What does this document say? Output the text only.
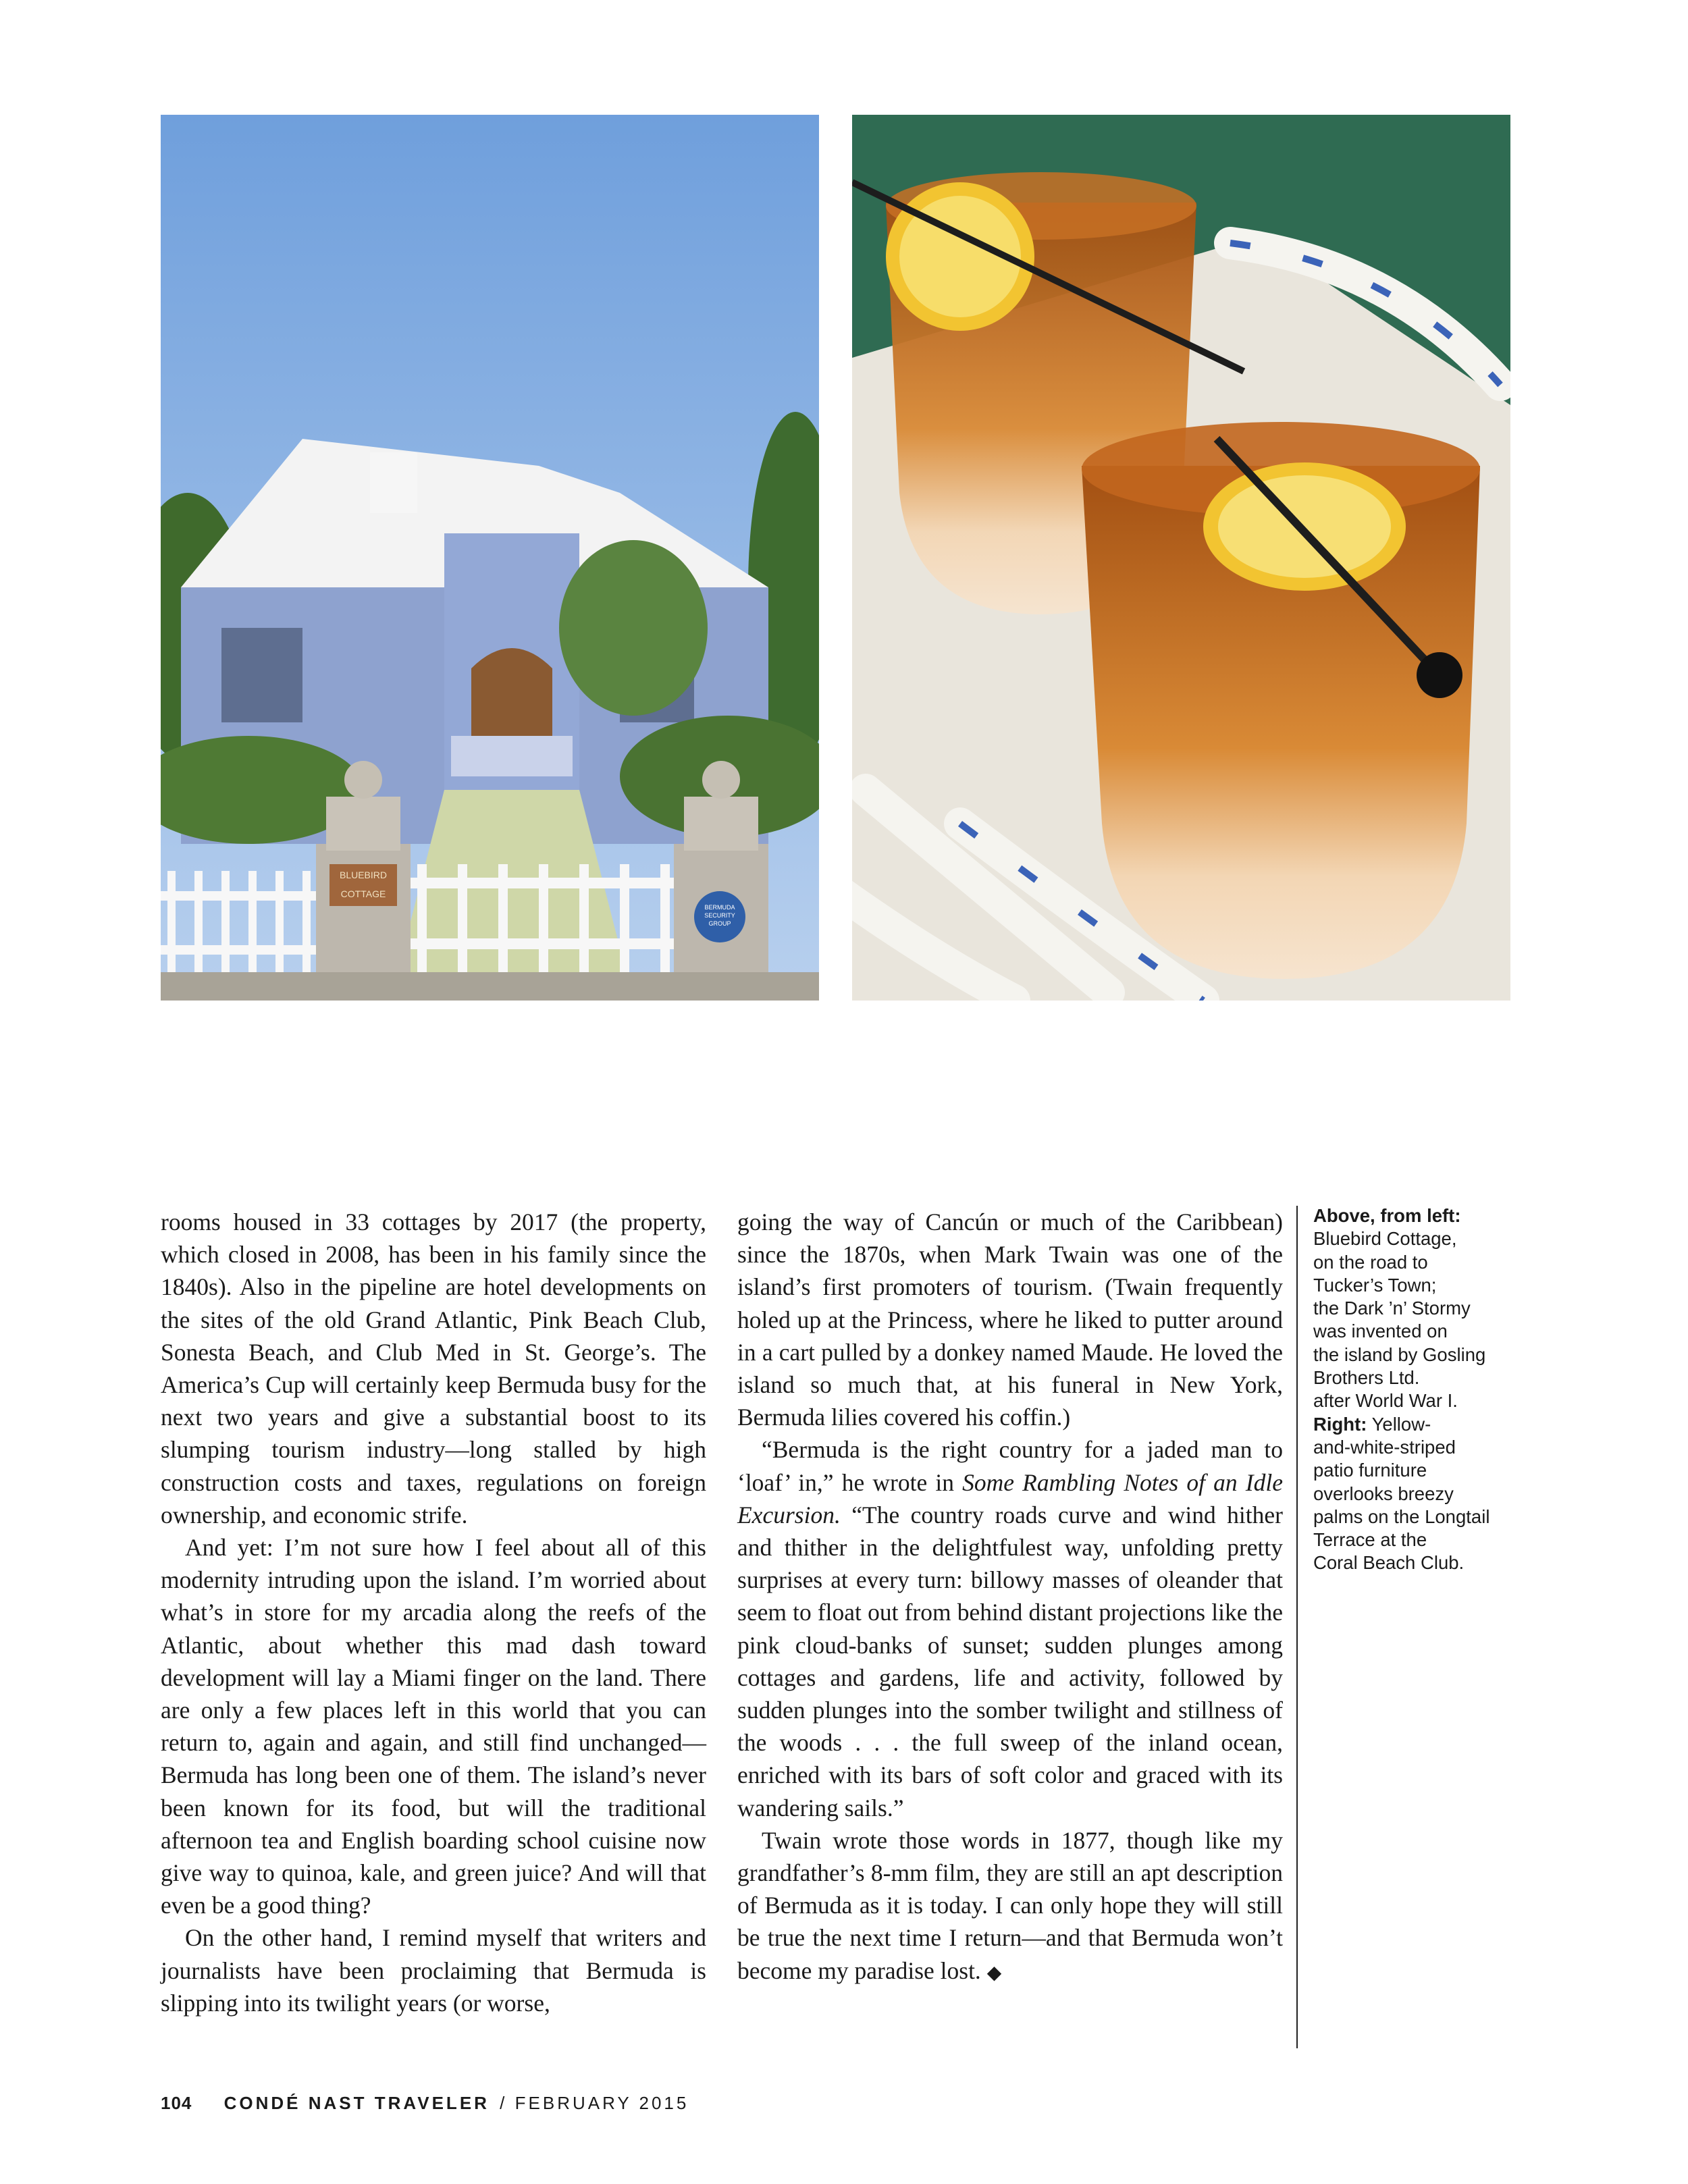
BLUEBIRD
COTTAGE
BERMUDA
SECURITY
GROUP

rooms housed in 33 cottages by 2017 (the property, which closed in 2008, has been in his family since the 1840s). Also in the pipeline are hotel developments on the sites of the old Grand Atlantic, Pink Beach Club, Sonesta Beach, and Club Med in St. George’s. The America’s Cup will certainly keep Bermuda busy for the next two years and give a substantial boost to its slumping tourism industry—long stalled by high construction costs and taxes, regulations on foreign ownership, and economic strife.

And yet: I’m not sure how I feel about all of this modernity intruding upon the island. I’m worried about what’s in store for my arcadia along the reefs of the Atlantic, about whether this mad dash toward development will lay a Miami finger on the land. There are only a few places left in this world that you can return to, again and again, and still find unchanged—Bermuda has long been one of them. The island’s never been known for its food, but will the traditional afternoon tea and English boarding school cuisine now give way to quinoa, kale, and green juice? And will that even be a good thing?

On the other hand, I remind myself that writers and journalists have been proclaiming that Bermuda is slipping into its twilight years (or worse,

going the way of Cancún or much of the Caribbean) since the 1870s, when Mark Twain was one of the island’s first promoters of tourism. (Twain frequently holed up at the Princess, where he liked to putter around in a cart pulled by a donkey named Maude. He loved the island so much that, at his funeral in New York, Bermuda lilies covered his coffin.)

“Bermuda is the right country for a jaded man to ‘loaf’ in,” he wrote in Some Rambling Notes of an Idle Excursion. “The country roads curve and wind hither and thither in the delightfulest way, unfolding pretty surprises at every turn: billowy masses of oleander that seem to float out from behind distant projections like the pink cloud-banks of sunset; sudden plunges among cottages and gardens, life and activity, followed by sudden plunges into the somber twilight and stillness of the woods . . . the full sweep of the inland ocean, enriched with its bars of soft color and graced with its wandering sails.”

Twain wrote those words in 1877, though like my grandfather’s 8-mm film, they are still an apt description of Bermuda as it is today. I can only hope they will still be true the next time I return—and that Bermuda won’t become my paradise lost. ◆

Above, from left:
Bluebird Cottage,
on the road to
Tucker’s Town;
the Dark ’n’ Stormy
was invented on
the island by Gosling
Brothers Ltd.
after World War I.
Right: Yellow-
and-white-striped
patio furniture
overlooks breezy
palms on the Longtail
Terrace at the
Coral Beach Club.
104 CONDÉ NAST TRAVELER / FEBRUARY 2015
